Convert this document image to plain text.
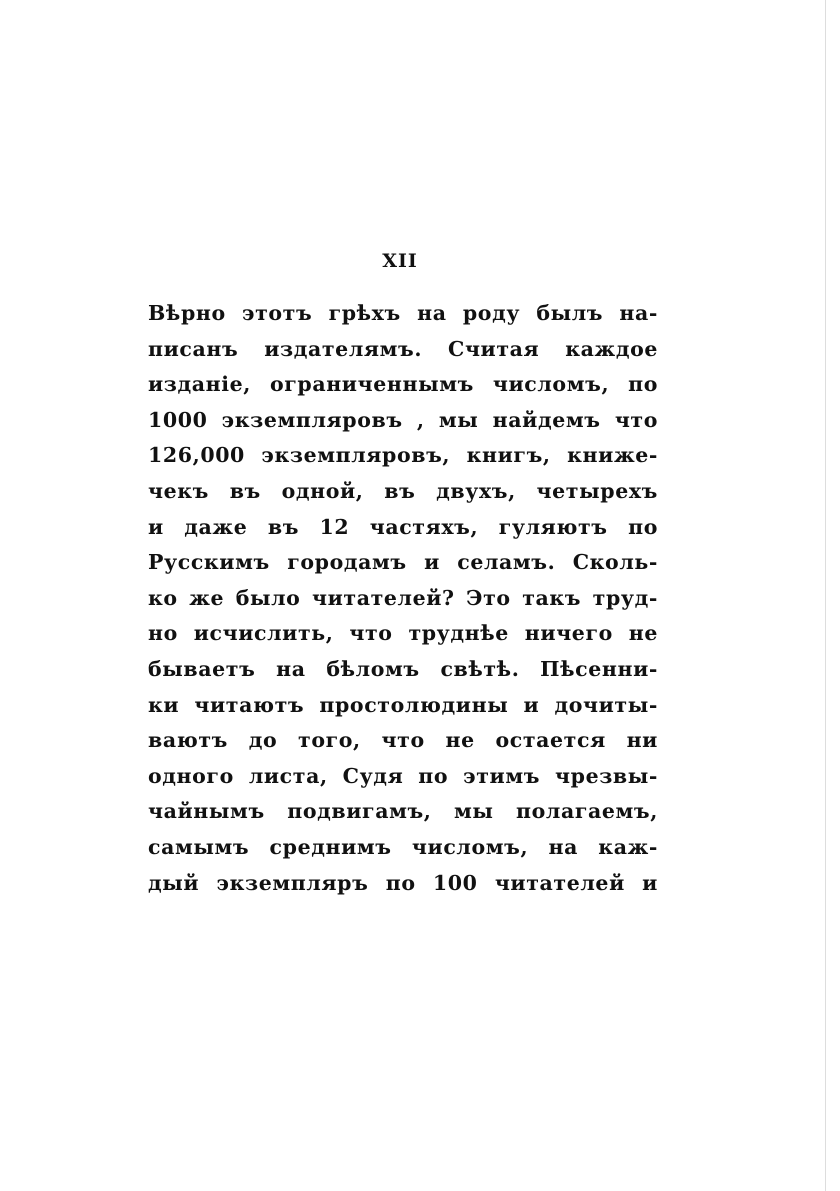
XII
Вѣрно этотъ грѣхъ на роду былъ на-
писанъ издателямъ. Считая каждое
изданіе, ограниченнымъ числомъ, по
1000 экземпляровъ , мы найдемъ что
126,000 экземпляровъ, книгъ, книже-
чекъ въ одной, въ двухъ, четырехъ
и даже въ 12 частяхъ, гуляютъ по
Русскимъ городамъ и селамъ. Сколь-
ко же было читателей? Это такъ труд-
но исчислить, что труднѣе ничего не
бываетъ на бѣломъ свѣтѣ. Пѣсенни-
ки читаютъ простолюдины и дочиты-
ваютъ до того, что не остается ни
одного листа, Судя по этимъ чрезвы-
чайнымъ подвигамъ, мы полагаемъ,
самымъ среднимъ числомъ, на каж-
дый экземпляръ по 100 читателей и
